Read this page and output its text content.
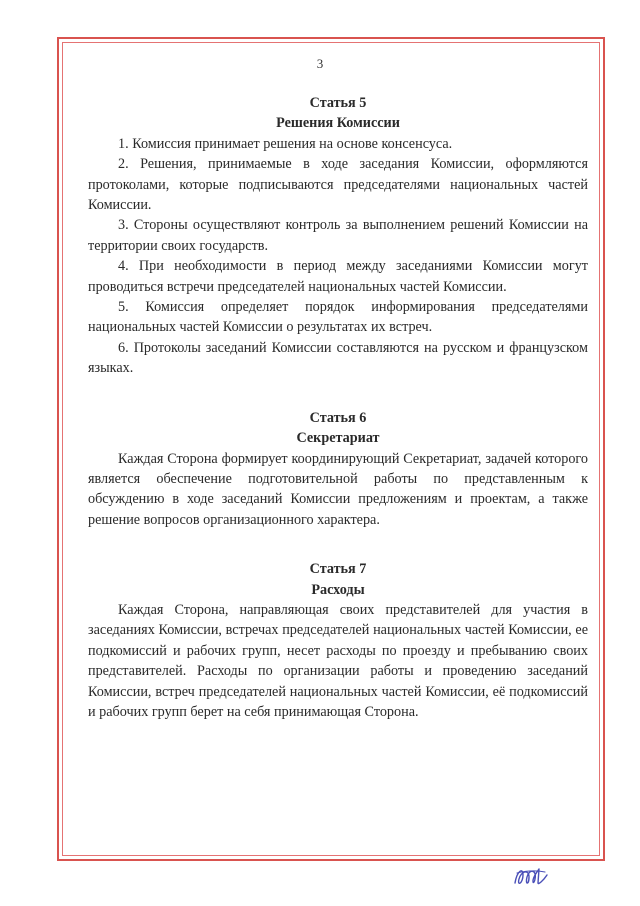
3

Статья 5

Решения Комиссии

1. Комиссия принимает решения на основе консенсуса.

2. Решения, принимаемые в ходе заседания Комиссии, оформляются протоколами, которые подписываются председателями национальных частей Комиссии.

3. Стороны осуществляют контроль за выполнением решений Комиссии на территории своих государств.

4. При необходимости в период между заседаниями Комиссии могут проводиться встречи председателей национальных частей Комиссии.

5. Комиссия определяет порядок информирования председателями национальных частей Комиссии о результатах их встреч.

6. Протоколы заседаний Комиссии составляются на русском и французском языках.

Статья 6

Секретариат

Каждая Сторона формирует координирующий Секретариат, задачей которого является обеспечение подготовительной работы по представленным к обсуждению в ходе заседаний Комиссии предложениям и проектам, а также решение вопросов организационного характера.

Статья 7

Расходы

Каждая Сторона, направляющая своих представителей для участия в заседаниях Комиссии, встречах председателей национальных частей Комиссии, ее подкомиссий и рабочих групп, несет расходы по проезду и пребыванию своих представителей. Расходы по организации работы и проведению заседаний Комиссии, встреч председателей национальных частей Комиссии, её подкомиссий и рабочих групп берет на себя принимающая Сторона.
